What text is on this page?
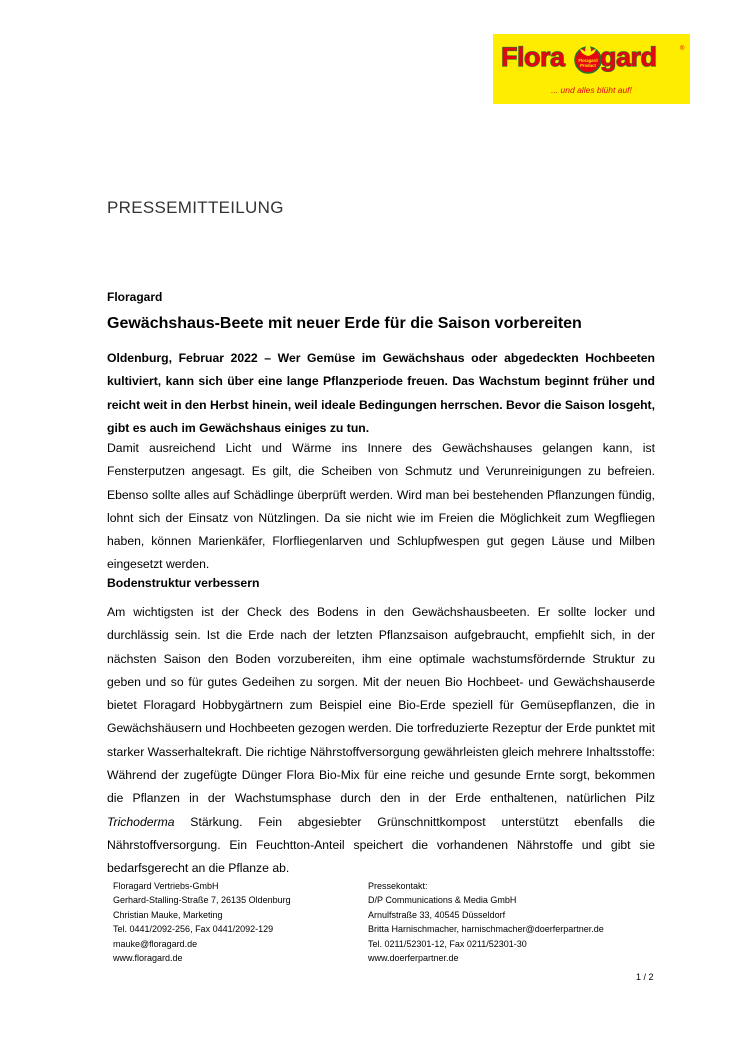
Flora	Floragard Product gard	®
... und alles blüht auf!
PRESSEMITTEILUNG
Floragard
Gewächshaus-Beete mit neuer Erde für die Saison vorbereiten
Oldenburg, Februar 2022 – Wer Gemüse im Gewächshaus oder abgedeckten Hochbeeten kultiviert, kann sich über eine lange Pflanzperiode freuen. Das Wachstum beginnt früher und reicht weit in den Herbst hinein, weil ideale Bedingungen herrschen. Bevor die Saison losgeht, gibt es auch im Gewächshaus einiges zu tun.
Damit ausreichend Licht und Wärme ins Innere des Gewächshauses gelangen kann, ist Fensterputzen angesagt. Es gilt, die Scheiben von Schmutz und Verunreinigungen zu befreien. Ebenso sollte alles auf Schädlinge überprüft werden. Wird man bei bestehenden Pflanzungen fündig, lohnt sich der Einsatz von Nützlingen. Da sie nicht wie im Freien die Möglichkeit zum Wegfliegen haben, können Marienkäfer, Florfliegenlarven und Schlupfwespen gut gegen Läuse und Milben eingesetzt werden.
Bodenstruktur verbessern
Am wichtigsten ist der Check des Bodens in den Gewächshausbeeten. Er sollte locker und durchlässig sein. Ist die Erde nach der letzten Pflanzsaison aufgebraucht, empfiehlt sich, in der nächsten Saison den Boden vorzubereiten, ihm eine optimale wachstumsfördernde Struktur zu geben und so für gutes Gedeihen zu sorgen. Mit der neuen Bio Hochbeet- und Gewächshauserde bietet Floragard Hobbygärtnern zum Beispiel eine Bio-Erde speziell für Gemüsepflanzen, die in Gewächshäusern und Hochbeeten gezogen werden. Die torfreduzierte Rezeptur der Erde punktet mit starker Wasserhaltekraft. Die richtige Nährstoffversorgung gewährleisten gleich mehrere Inhaltsstoffe: Während der zugefügte Dünger Flora Bio-Mix für eine reiche und gesunde Ernte sorgt, bekommen die Pflanzen in der Wachstumsphase durch den in der Erde enthaltenen, natürlichen Pilz Trichoderma Stärkung. Fein abgesiebter Grünschnittkompost unterstützt ebenfalls die Nährstoffversorgung. Ein Feuchtton-Anteil speichert die vorhandenen Nährstoffe und gibt sie bedarfsgerecht an die Pflanze ab.
Floragard Vertriebs-GmbH
Gerhard-Stalling-Straße 7, 26135 Oldenburg
Christian Mauke, Marketing
Tel. 0441/2092-256, Fax 0441/2092-129
mauke@floragard.de
www.floragard.de
Pressekontakt:
D/P Communications & Media GmbH
Arnulfstraße 33, 40545 Düsseldorf
Britta Harnischmacher, harnischmacher@doerferpartner.de
Tel. 0211/52301-12, Fax 0211/52301-30
www.doerferpartner.de
1 / 2
